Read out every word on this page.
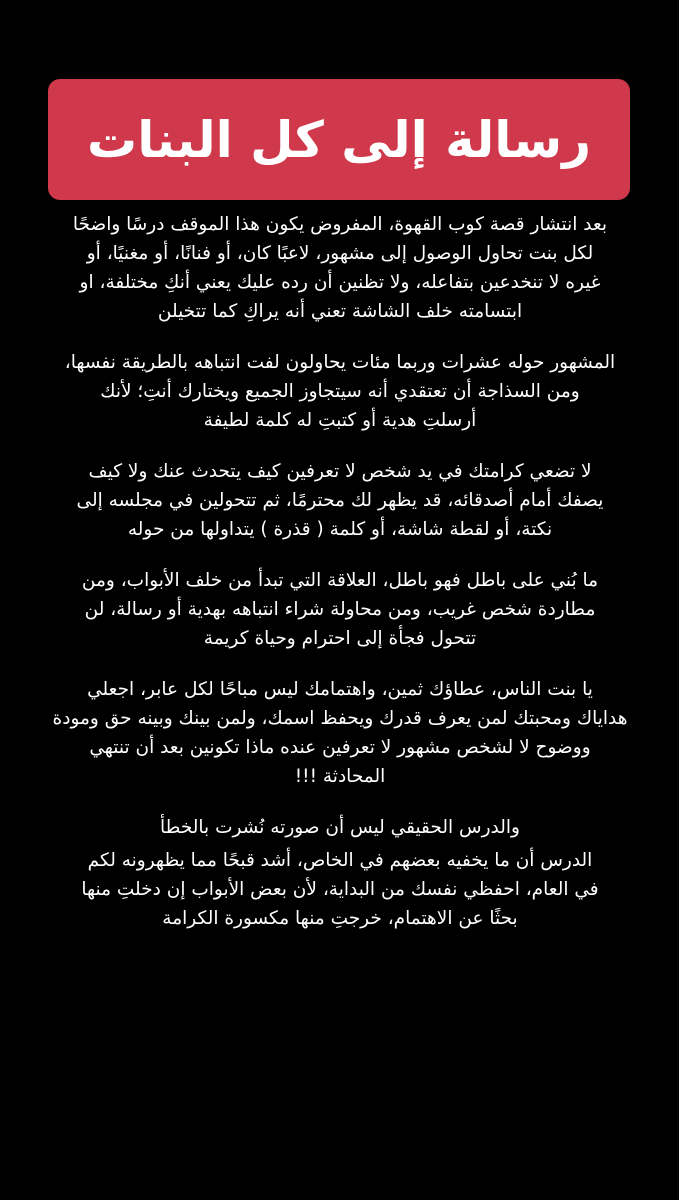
رسالة إلى كل البنات

بعد انتشار قصة كوب القهوة، المفروض يكون هذا الموقف درسًا واضحًا
لكل بنت تحاول الوصول إلى مشهور، لاعبًا كان، أو فنانًا، أو مغنيًا، أو
غيره لا تنخدعين بتفاعله، ولا تظنين أن رده عليك يعني أنكِ مختلفة، او
ابتسامته خلف الشاشة تعني أنه يراكِ كما تتخيلن

المشهور حوله عشرات وربما مئات يحاولون لفت انتباهه بالطريقة نفسها،
ومن السذاجة أن تعتقدي أنه سيتجاوز الجميع ويختارك أنتِ؛ لأنك
أرسلتِ هدية أو كتبتِ له كلمة لطيفة

لا تضعي كرامتك في يد شخص لا تعرفين كيف يتحدث عنك ولا كيف
يصفك أمام أصدقائه، قد يظهر لك محترمًا، ثم تتحولين في مجلسه إلى
نكتة، أو لقطة شاشة، أو كلمة ( قذرة ) يتداولها من حوله

ما بُني على باطل فهو باطل، العلاقة التي تبدأ من خلف الأبواب، ومن
مطاردة شخص غريب، ومن محاولة شراء انتباهه بهدية أو رسالة، لن
تتحول فجأة إلى احترام وحياة كريمة

يا بنت الناس، عطاؤك ثمين، واهتمامك ليس مباحًا لكل عابر، اجعلي
هداياك ومحبتك لمن يعرف قدرك ويحفظ اسمك، ولمن بينك وبينه حق ومودة
ووضوح لا لشخص مشهور لا تعرفين عنده ماذا تكونين بعد أن تنتهي
المحادثة !!!

والدرس الحقيقي ليس أن صورته نُشرت بالخطأ

الدرس أن ما يخفيه بعضهم في الخاص، أشد قبحًا مما يظهرونه لكم
في العام، احفظي نفسك من البداية، لأن بعض الأبواب إن دخلتِ منها
بحثًا عن الاهتمام، خرجتِ منها مكسورة الكرامة
